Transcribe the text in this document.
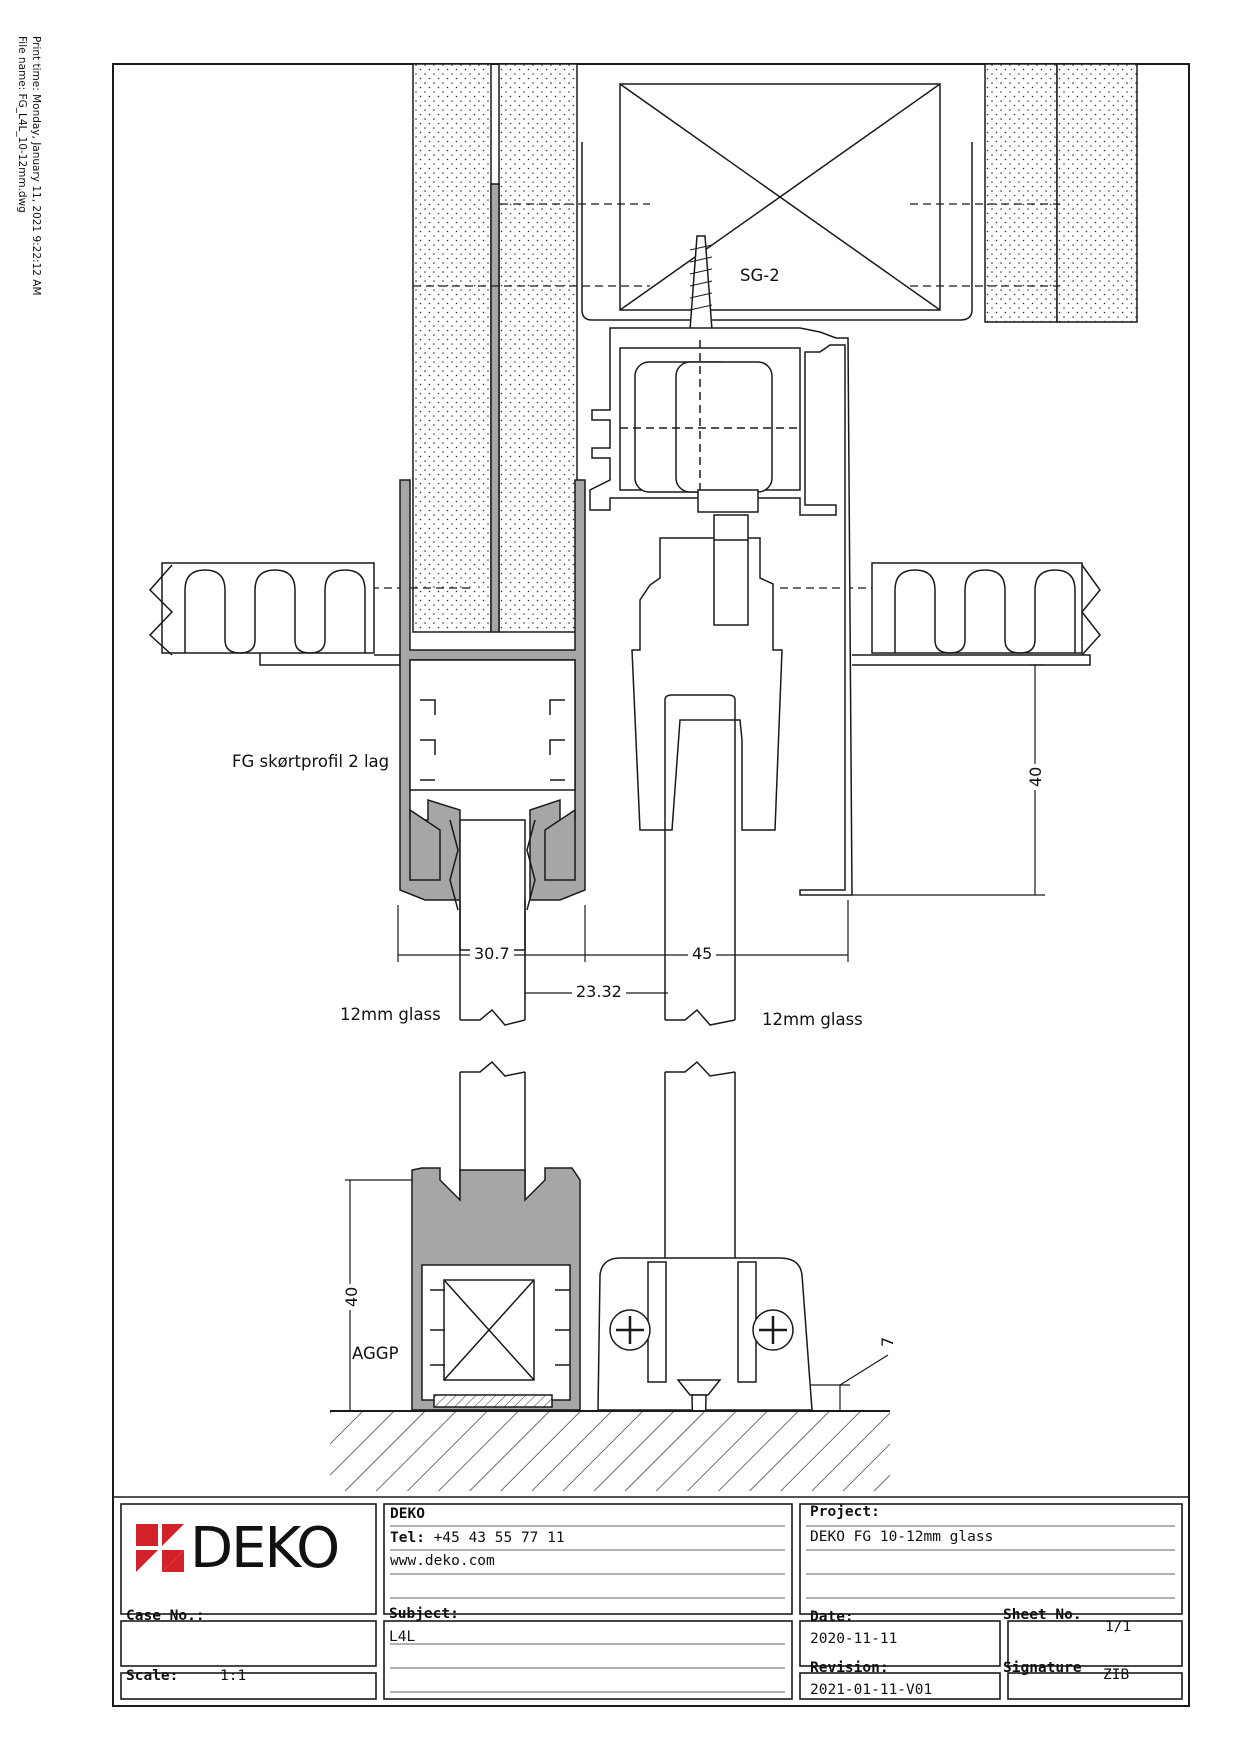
Print time: Monday, January 11, 2021 9:22:12 AM
File name: FG_L4L_10-12mm.dwg
SG-2
FG skørtprofil 2 lag
12mm glass	12mm glass
AGGP
30.7	45
23.32
40
40
7
DEKO
DEKO
Tel: +45 43 55 77 11
www.deko.com
Project:
DEKO FG 10-12mm glass
Case No.:	Subject:
L4L
Date:
2020-11-11
Sheet No.
1/1
Scale:	1:1	Revision:
2021-01-11-V01
Signature ZIB
